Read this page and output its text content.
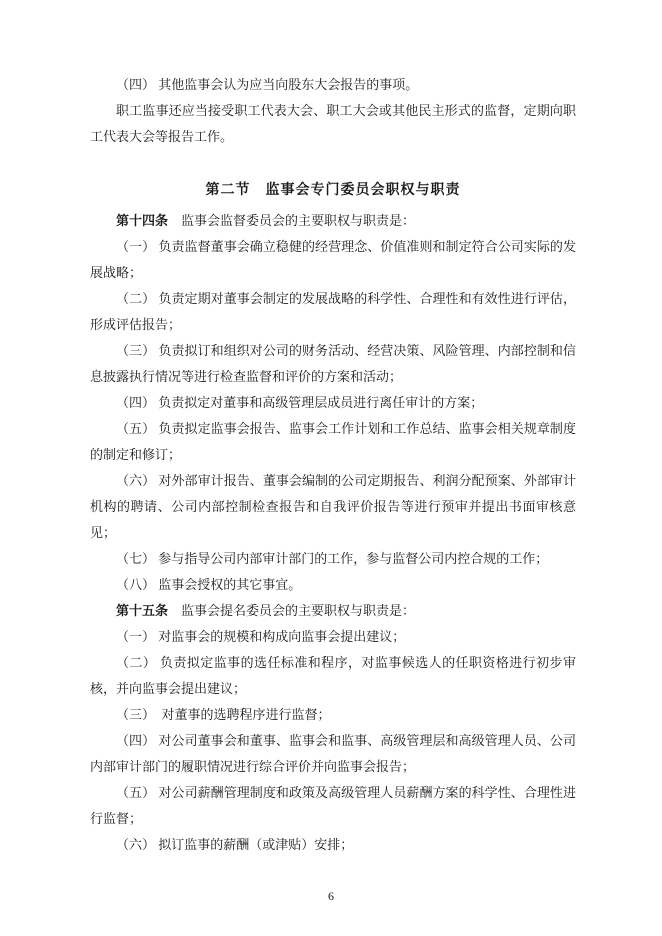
（四） 其他监事会认为应当向股东大会报告的事项。

职工监事还应当接受职工代表大会、职工大会或其他民主形式的监督，定期向职工代表大会等报告工作。

第二节　监事会专门委员会职权与职责

第十四条　监事会监督委员会的主要职权与职责是：

（一） 负责监督董事会确立稳健的经营理念、价值准则和制定符合公司实际的发展战略；

（二） 负责定期对董事会制定的发展战略的科学性、合理性和有效性进行评估，形成评估报告；

（三） 负责拟订和组织对公司的财务活动、经营决策、风险管理、内部控制和信息披露执行情况等进行检查监督和评价的方案和活动；

（四） 负责拟定对董事和高级管理层成员进行离任审计的方案；

（五） 负责拟定监事会报告、监事会工作计划和工作总结、监事会相关规章制度的制定和修订；

（六） 对外部审计报告、董事会编制的公司定期报告、利润分配预案、外部审计机构的聘请、公司内部控制检查报告和自我评价报告等进行预审并提出书面审核意见；

（七） 参与指导公司内部审计部门的工作，参与监督公司内控合规的工作；

（八） 监事会授权的其它事宜。

第十五条　监事会提名委员会的主要职权与职责是：

（一） 对监事会的规模和构成向监事会提出建议；

（二） 负责拟定监事的选任标准和程序，对监事候选人的任职资格进行初步审核，并向监事会提出建议；

（三）　对董事的选聘程序进行监督；

（四） 对公司董事会和董事、监事会和监事、高级管理层和高级管理人员、公司内部审计部门的履职情况进行综合评价并向监事会报告；

（五） 对公司薪酬管理制度和政策及高级管理人员薪酬方案的科学性、合理性进行监督；

（六） 拟订监事的薪酬（或津贴）安排；

6
